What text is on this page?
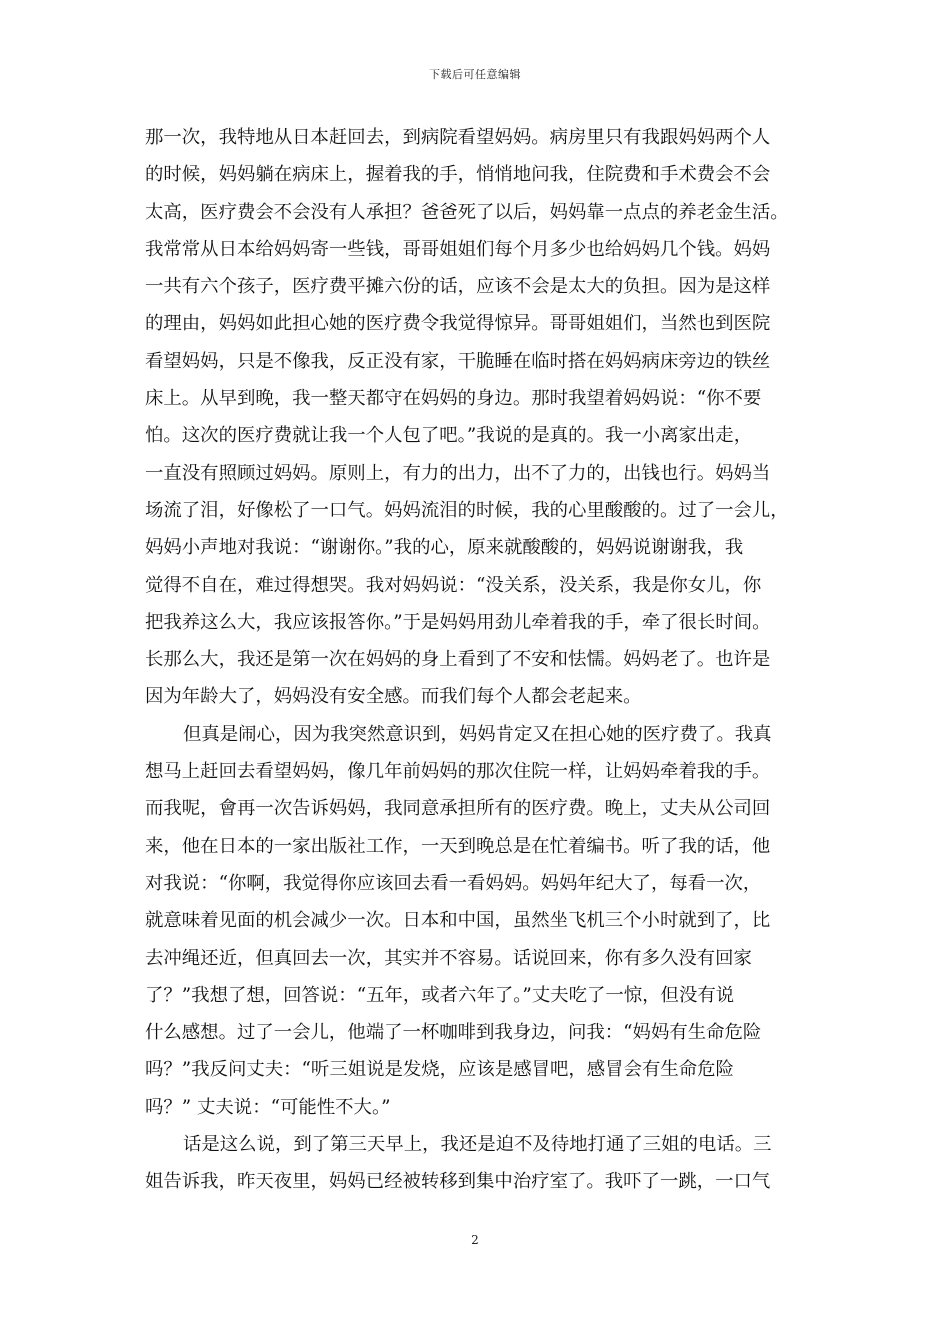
下载后可任意编辑
那一次，我特地从日本赶回去，到病院看望妈妈。病房里只有我跟妈妈两个人
的时候，妈妈躺在病床上，握着我的手，悄悄地问我，住院费和手术费会不会
太高，医疗费会不会没有人承担？爸爸死了以后，妈妈靠一点点的养老金生活。
我常常从日本给妈妈寄一些钱，哥哥姐姐们每个月多少也给妈妈几个钱。妈妈
一共有六个孩子，医疗费平摊六份的话，应该不会是太大的负担。因为是这样
的理由，妈妈如此担心她的医疗费令我觉得惊异。哥哥姐姐们，当然也到医院
看望妈妈，只是不像我，反正没有家，干脆睡在临时搭在妈妈病床旁边的铁丝
床上。从早到晚，我一整天都守在妈妈的身边。那时我望着妈妈说：“你不要
怕。这次的医疗费就让我一个人包了吧。”我说的是真的。我一小离家出走，
一直没有照顾过妈妈。原则上，有力的出力，出不了力的，出钱也行。妈妈当
场流了泪，好像松了一口气。妈妈流泪的时候，我的心里酸酸的。过了一会儿，
妈妈小声地对我说：“谢谢你。”我的心，原来就酸酸的，妈妈说谢谢我，我
觉得不自在，难过得想哭。我对妈妈说：“没关系，没关系，我是你女儿，你
把我养这么大，我应该报答你。”于是妈妈用劲儿牵着我的手，牵了很长时间。
长那么大，我还是第一次在妈妈的身上看到了不安和怯懦。妈妈老了。也许是
因为年龄大了，妈妈没有安全感。而我们每个人都会老起来。
但真是闹心，因为我突然意识到，妈妈肯定又在担心她的医疗费了。我真
想马上赶回去看望妈妈，像几年前妈妈的那次住院一样，让妈妈牵着我的手。
而我呢，會再一次告诉妈妈，我同意承担所有的医疗费。晚上，丈夫从公司回
来，他在日本的一家出版社工作，一天到晚总是在忙着编书。听了我的话，他
对我说：“你啊，我觉得你应该回去看一看妈妈。妈妈年纪大了，每看一次，
就意味着见面的机会减少一次。日本和中国，虽然坐飞机三个小时就到了，比
去冲绳还近，但真回去一次，其实并不容易。话说回来，你有多久没有回家
了？”我想了想，回答说：“五年，或者六年了。”丈夫吃了一惊，但没有说
什么感想。过了一会儿，他端了一杯咖啡到我身边，问我：“妈妈有生命危险
吗？”我反问丈夫：“听三姐说是发烧，应该是感冒吧，感冒会有生命危险
吗？” 丈夫说：“可能性不大。”
话是这么说，到了第三天早上，我还是迫不及待地打通了三姐的电话。三
姐告诉我，昨天夜里，妈妈已经被转移到集中治疗室了。我吓了一跳，一口气
2
